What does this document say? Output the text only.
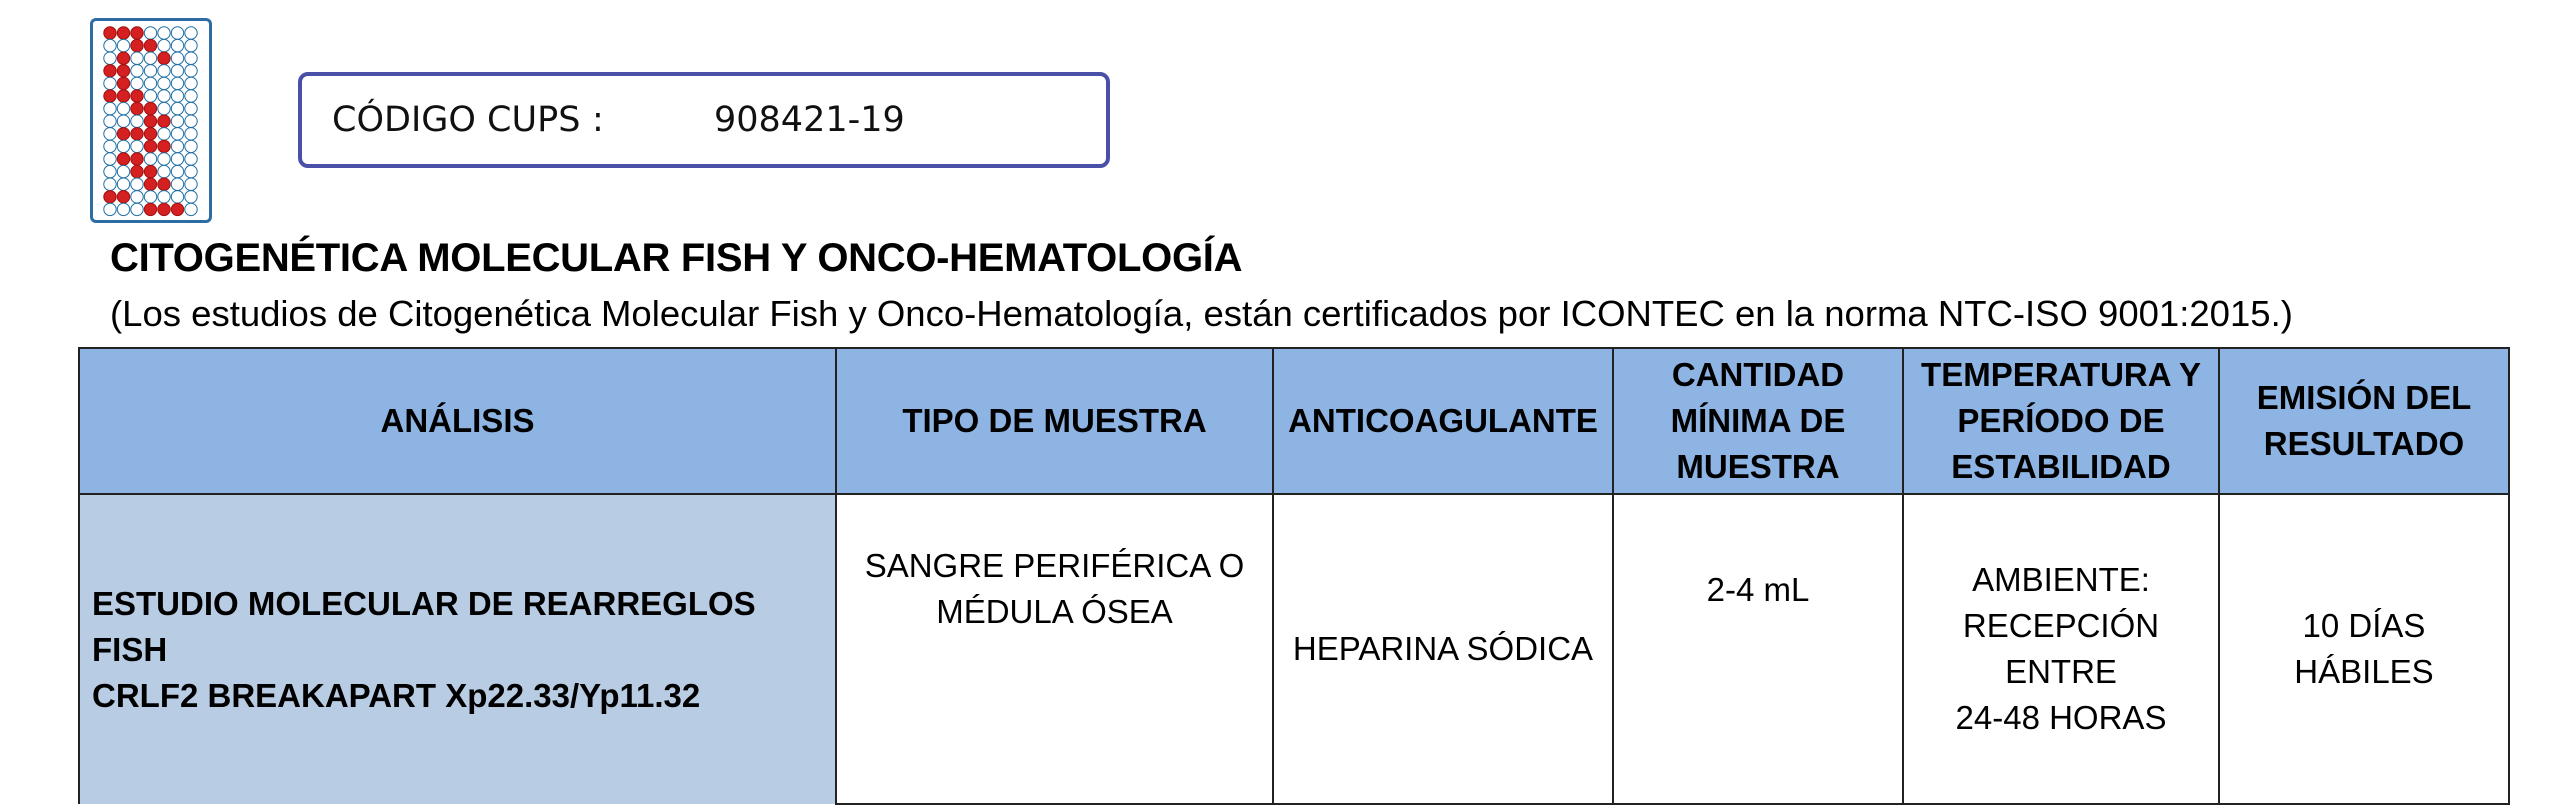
CÓDIGO CUPS :	908421-19
CITOGENÉTICA MOLECULAR FISH Y ONCO-HEMATOLOGÍA
(Los estudios de Citogenética Molecular Fish y Onco-Hematología, están certificados por ICONTEC en la norma NTC-ISO 9001:2015.)
ANÁLISIS	TIPO DE MUESTRA	ANTICOAGULANTE	CANTIDAD
MÍNIMA DE
MUESTRA	TEMPERATURA Y
PERÍODO DE
ESTABILIDAD	EMISIÓN DEL
RESULTADO

ESTUDIO MOLECULAR DE REARREGLOS FISH
CRLF2 BREAKAPART Xp22.33/Yp11.32	SANGRE PERIFÉRICA O
MÉDULA ÓSEA	HEPARINA SÓDICA	2-4 mL	AMBIENTE:
RECEPCIÓN ENTRE
24-48 HORAS	10 DÍAS HÁBILES
